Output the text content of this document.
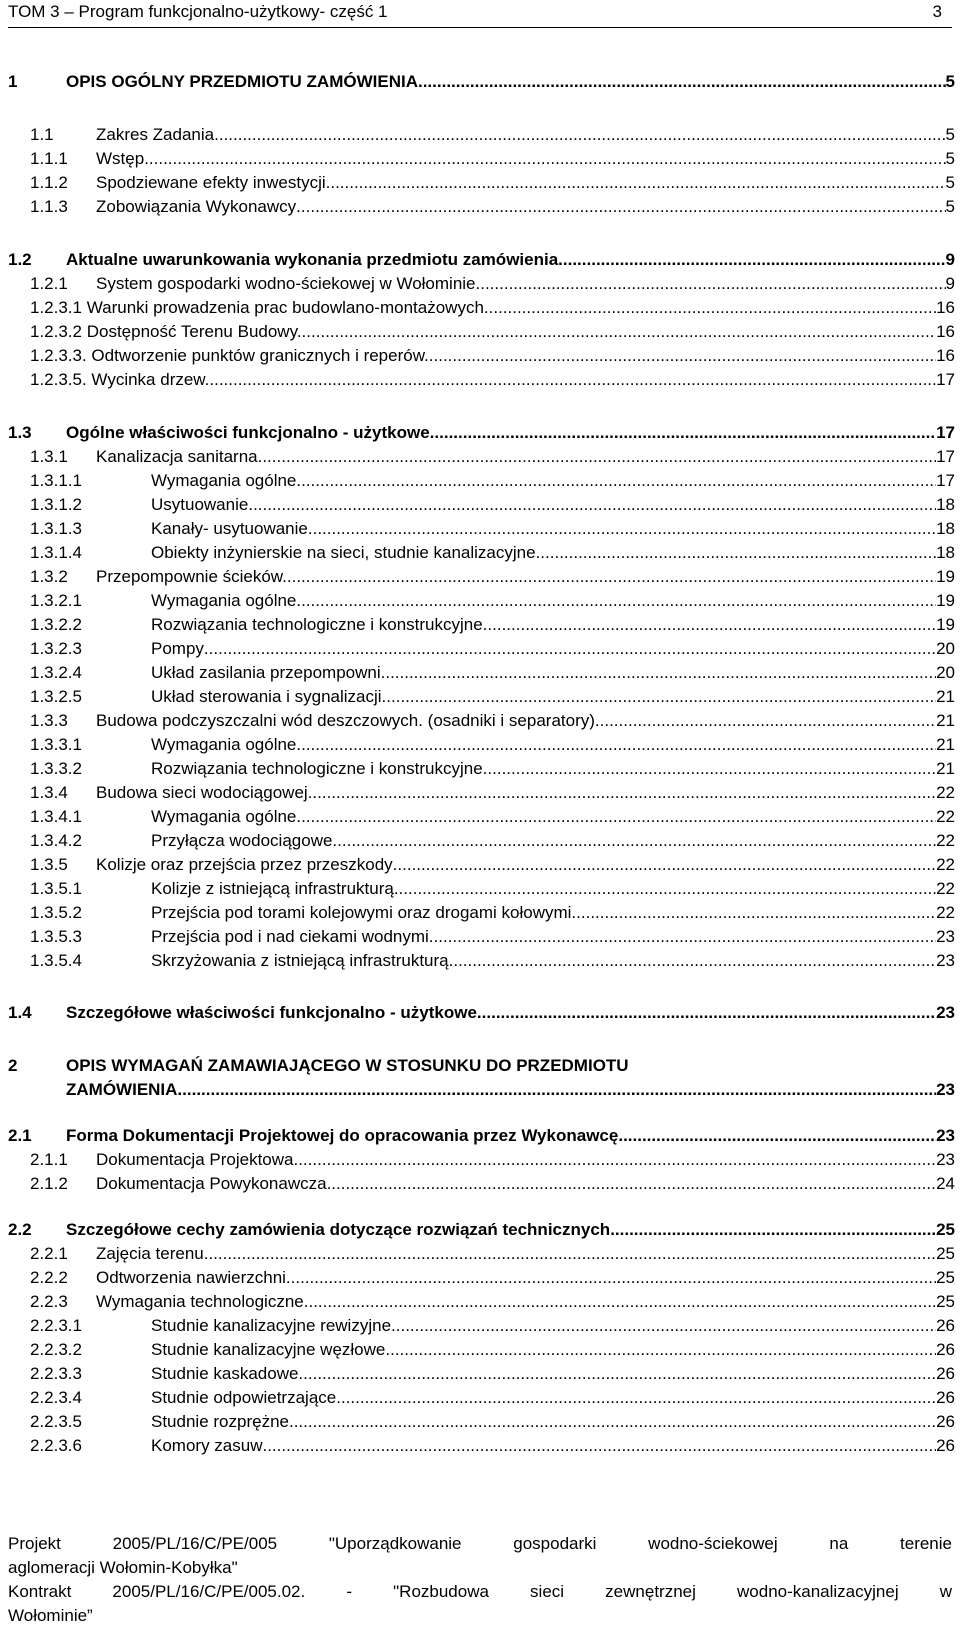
TOM 3 – Program funkcjonalno-użytkowy- część 1	3
1	OPIS OGÓLNY PRZEDMIOTU ZAMÓWIENIA. .....	5
1.1 Zakres Zadania. .....	5
1.1.1 Wstęp .....	5
1.1.2 Spodziewane efekty inwestycji. .....	5
1.1.3 Zobowiązania Wykonawcy .....	5
1.2 Aktualne uwarunkowania wykonania przedmiotu zamówienia. .....	9
1.2.1 System gospodarki wodno-ściekowej w Wołominie .....	9
1.2.3.1 Warunki prowadzenia prac budowlano-montażowych. .....	16
1.2.3.2 Dostępność Terenu Budowy. .....	16
1.2.3.3. Odtworzenie punktów granicznych i reperów. .....	16
1.2.3.5. Wycinka drzew. .....	17
1.3 Ogólne właściwości funkcjonalno - użytkowe. .....	17
1.3.1 Kanalizacja sanitarna .....	17
1.3.1.1	Wymagania ogólne. .....	17
1.3.1.2	Usytuowanie. .....	18
1.3.1.3	Kanały- usytuowanie. .....	18
1.3.1.4	Obiekty inżynierskie na sieci, studnie kanalizacyjne .....	18
1.3.2 Przepompownie ścieków. .....	19
1.3.2.1	Wymagania ogólne. .....	19
1.3.2.2	Rozwiązania technologiczne i konstrukcyjne. .....	19
1.3.2.3	Pompy .....	20
1.3.2.4	Układ zasilania przepompowni. .....	20
1.3.2.5	Układ sterowania i sygnalizacji. .....	21
1.3.3 Budowa podczyszczalni wód deszczowych. (osadniki i separatory) .....	21
1.3.3.1	Wymagania ogólne. .....	21
1.3.3.2	Rozwiązania technologiczne i konstrukcyjne. .....	21
1.3.4 Budowa sieci wodociągowej. .....	22
1.3.4.1	Wymagania ogólne. .....	22
1.3.4.2	Przyłącza wodociągowe. .....	22
1.3.5 Kolizje oraz przejścia przez przeszkody .....	22
1.3.5.1	Kolizje z istniejącą infrastrukturą .....	22
1.3.5.2	Przejścia pod torami kolejowymi oraz drogami kołowymi .....	22
1.3.5.3	Przejścia pod i nad ciekami wodnymi .....	23
1.3.5.4	Skrzyżowania z istniejącą infrastrukturą .....	23
1.4 Szczegółowe właściwości funkcjonalno - użytkowe. .....	23
2	OPIS WYMAGAŃ ZAMAWIAJĄCEGO W STOSUNKU DO PRZEDMIOTU
ZAMÓWIENIA. .....	23
2.1 Forma Dokumentacji Projektowej do opracowania przez Wykonawcę. .....	23
2.1.1 Dokumentacja Projektowa .....	23
2.1.2 Dokumentacja Powykonawcza .....	24
2.2 Szczegółowe cechy zamówienia dotyczące rozwiązań technicznych .....	25
2.2.1 Zajęcia terenu .....	25
2.2.2 Odtworzenia nawierzchni .....	25
2.2.3 Wymagania technologiczne .....	25
2.2.3.1	Studnie kanalizacyjne rewizyjne. .....	26
2.2.3.2	Studnie kanalizacyjne węzłowe. .....	26
2.2.3.3	Studnie kaskadowe. .....	26
2.2.3.4	Studnie odpowietrzające. .....	26
2.2.3.5	Studnie rozprężne .....	26
2.2.3.6	Komory zasuw .....	26

Projekt 2005/PL/16/C/PE/005 "Uporządkowanie gospodarki wodno-ściekowej na terenie
aglomeracji Wołomin-Kobyłka"

Kontrakt 2005/PL/16/C/PE/005.02. - "Rozbudowa sieci zewnętrznej wodno-kanalizacyjnej w
Wołominie”
